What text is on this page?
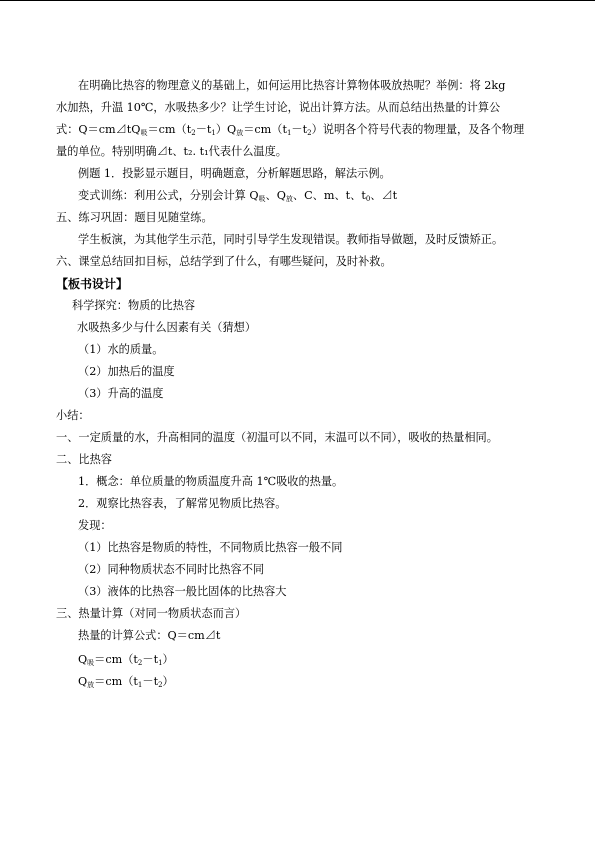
在明确比热容的物理意义的基础上，如何运用比热容计算物体吸放热呢？举例：将 2kg
水加热，升温 10℃，水吸热多少？让学生讨论，说出计算方法。从而总结出热量的计算公
式：$Q=cm⊿tQ_吸=cm(t_2-t_1)Q_放=cm(t_1-t_2)$说明各个符号代表的物理量，及各个物理
量的单位。特别明确⊿t、t₂. t₁代表什么温度。
例题 1．投影显示题目，明确题意，分析解题思路，解法示例。
变式训练：利用公式，分别会计算 $Q_吸$、$Q_放$、C、m、t、$t_0$、⊿t
五、练习巩固：题目见随堂练。
学生板演，为其他学生示范，同时引导学生发现错误。教师指导做题，及时反馈矫正。
六、课堂总结回扣目标，总结学到了什么，有哪些疑问，及时补救。
【板书设计】
科学探究：物质的比热容
水吸热多少与什么因素有关（猜想）
（1）水的质量。
（2）加热后的温度
（3）升高的温度
小结：
一、一定质量的水，升高相同的温度（初温可以不同，末温可以不同），吸收的热量相同。
二、比热容
1．概念：单位质量的物质温度升高 1℃吸收的热量。
2．观察比热容表，了解常见物质比热容。
发现：
（1）比热容是物质的特性，不同物质比热容一般不同
（2）同种物质状态不同时比热容不同
（3）液体的比热容一般比固体的比热容大
三、热量计算（对同一物质状态而言）
热量的计算公式：Q＝cm⊿t
$Q_吸=cm(t_2-t_1)$
$Q_放=cm(t_1-t_2)$
